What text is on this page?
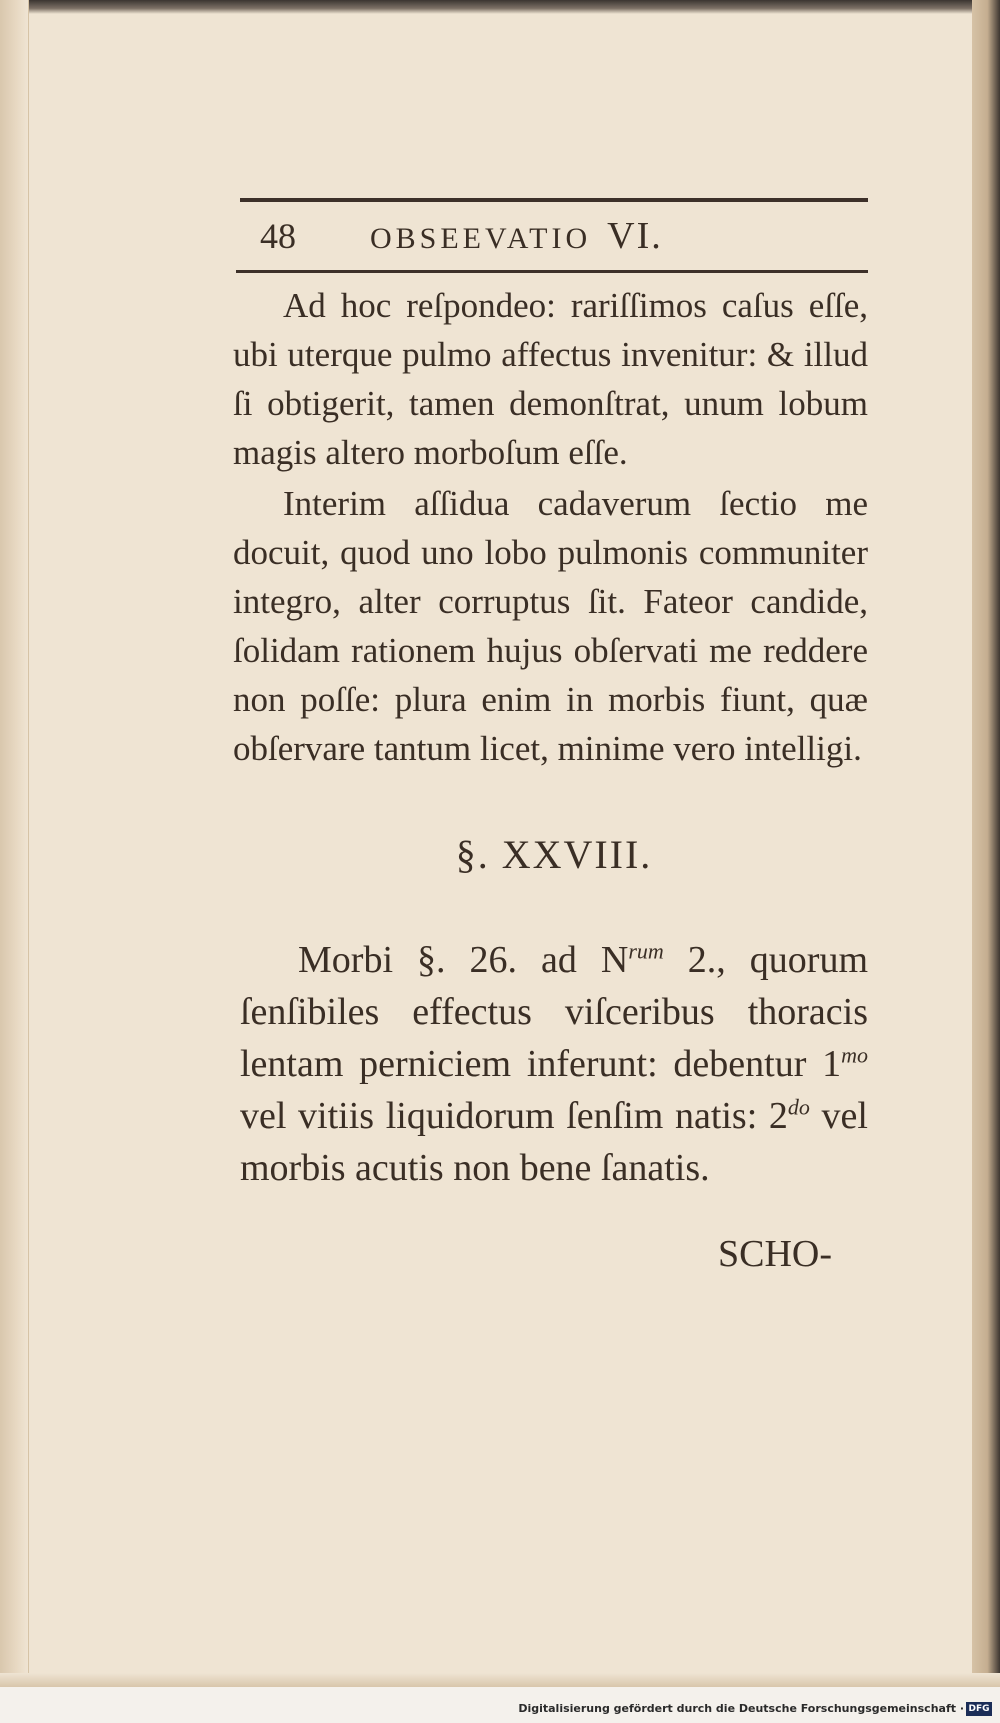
48	OBSEEVATIO VI.

Ad hoc reſpondeo: rariſſimos caſus eſſe, ubi uterque pulmo affectus invenitur: & illud ſi obtigerit, tamen demonſtrat, unum lobum magis altero morboſum eſſe.

Interim aſſidua cadaverum ſectio me docuit, quod uno lobo pulmonis communiter integro, alter corruptus ſit. Fateor candide, ſolidam rationem hujus obſervati me reddere non poſſe: plura enim in morbis fiunt, quæ obſervare tantum licet, minime vero intelligi.

§. XXVIII.

Morbi §. 26. ad $N^{rum}$ 2., quorum ſenſibiles effectus viſceribus thoracis lentam perniciem inferunt: debentur $1^{mo}$ vel vitiis liquidorum ſenſim natis: $2^{do}$ vel morbis acutis non bene ſanatis.

SCHO-
Digitalisierung gefördert durch die Deutsche Forschungsgemeinschaft · DFG
